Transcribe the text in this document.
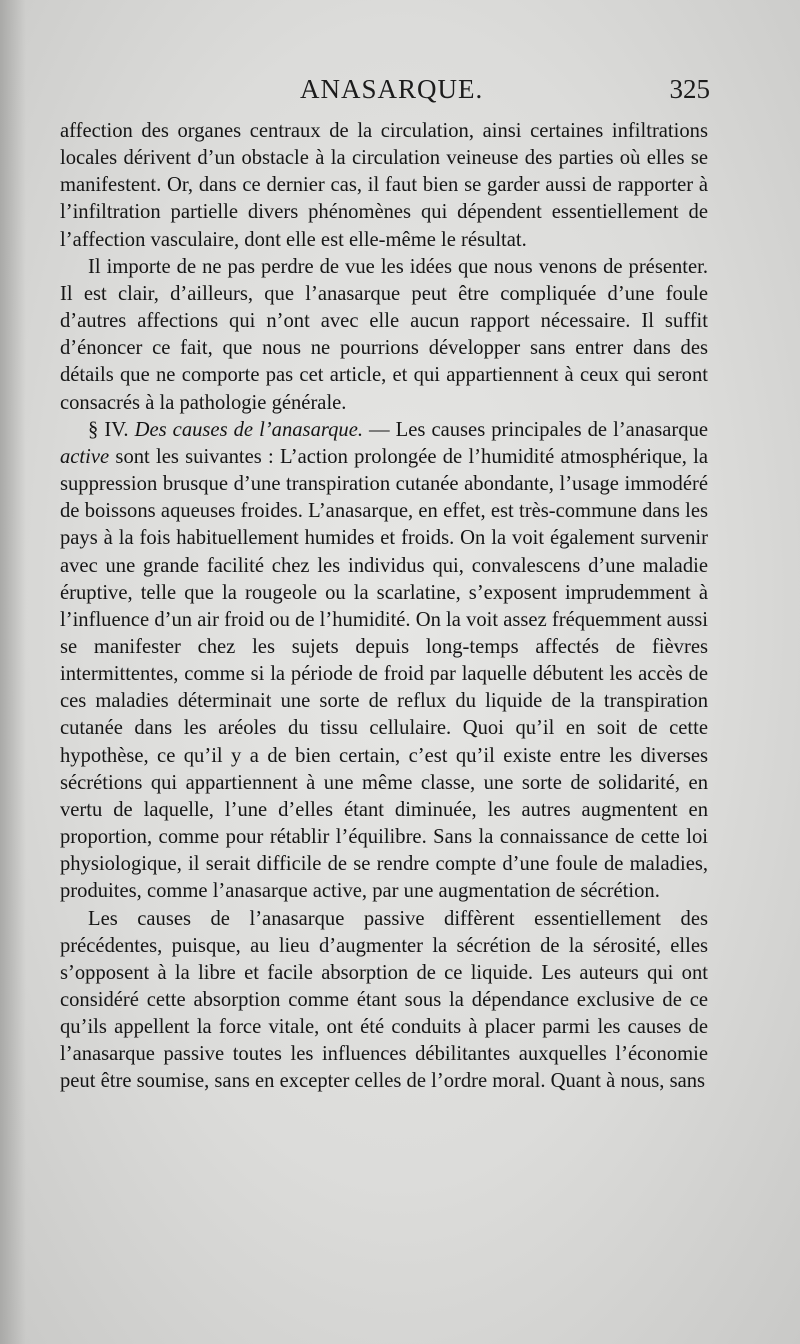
ANASARQUE.	325

affection des organes centraux de la circulation, ainsi certaines infiltrations locales dérivent d’un obstacle à la circulation veineuse des parties où elles se manifestent. Or, dans ce dernier cas, il faut bien se garder aussi de rapporter à l’infiltration partielle divers phénomènes qui dépendent essentiellement de l’affection vasculaire, dont elle est elle-même le résultat.

Il importe de ne pas perdre de vue les idées que nous venons de présenter. Il est clair, d’ailleurs, que l’anasarque peut être compliquée d’une foule d’autres affections qui n’ont avec elle aucun rapport nécessaire. Il suffit d’énoncer ce fait, que nous ne pourrions développer sans entrer dans des détails que ne comporte pas cet article, et qui appartiennent à ceux qui seront consacrés à la pathologie générale.

§ IV. Des causes de l’anasarque. — Les causes principales de l’anasarque active sont les suivantes : L’action prolongée de l’humidité atmosphérique, la suppression brusque d’une transpiration cutanée abondante, l’usage immodéré de boissons aqueuses froides. L’anasarque, en effet, est très-commune dans les pays à la fois habituellement humides et froids. On la voit également survenir avec une grande facilité chez les individus qui, convalescens d’une maladie éruptive, telle que la rougeole ou la scarlatine, s’exposent imprudemment à l’influence d’un air froid ou de l’humidité. On la voit assez fréquemment aussi se manifester chez les sujets depuis long-temps affectés de fièvres intermittentes, comme si la période de froid par laquelle débutent les accès de ces maladies déterminait une sorte de reflux du liquide de la transpiration cutanée dans les aréoles du tissu cellulaire. Quoi qu’il en soit de cette hypothèse, ce qu’il y a de bien certain, c’est qu’il existe entre les diverses sécrétions qui appartiennent à une même classe, une sorte de solidarité, en vertu de laquelle, l’une d’elles étant diminuée, les autres augmentent en proportion, comme pour rétablir l’équilibre. Sans la connaissance de cette loi physiologique, il serait difficile de se rendre compte d’une foule de maladies, produites, comme l’anasarque active, par une augmentation de sécrétion.

Les causes de l’anasarque passive diffèrent essentiellement des précédentes, puisque, au lieu d’augmenter la sécrétion de la sérosité, elles s’opposent à la libre et facile absorption de ce liquide. Les auteurs qui ont considéré cette absorption comme étant sous la dépendance exclusive de ce qu’ils appellent la force vitale, ont été conduits à placer parmi les causes de l’anasarque passive toutes les influences débilitantes auxquelles l’économie peut être soumise, sans en excepter celles de l’ordre moral. Quant à nous, sans
